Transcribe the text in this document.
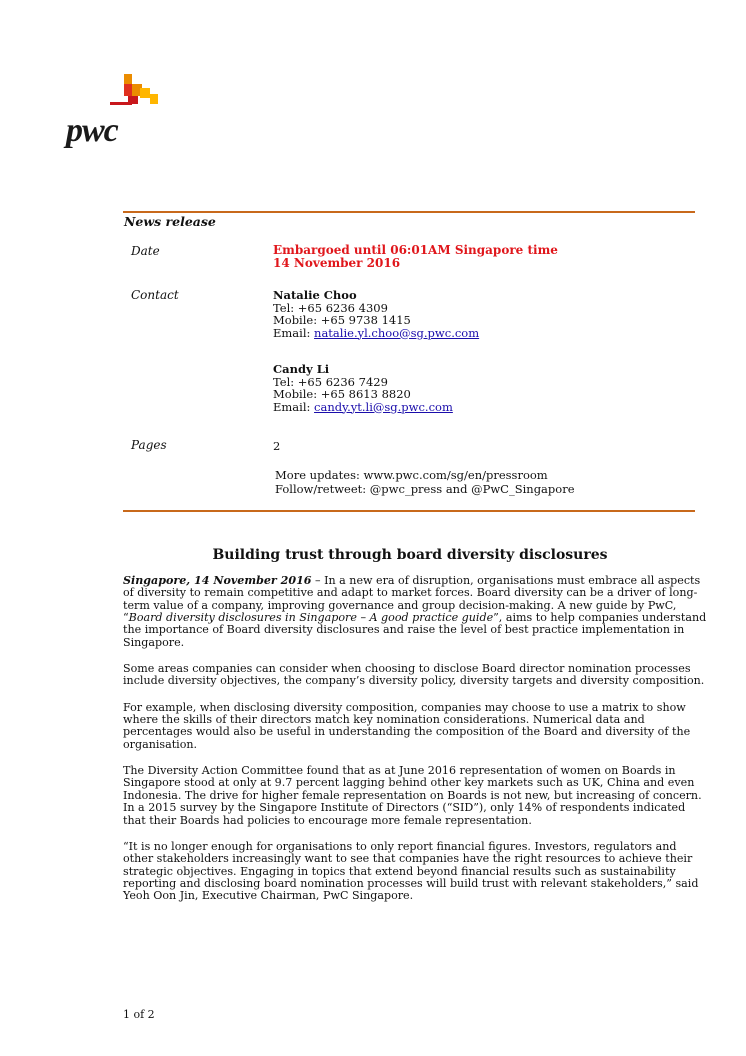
pwc
News release
Date	Embargoed until 06:01AM Singapore time
14 November 2016
Contact	Natalie Choo
Tel: +65 6236 4309
Mobile: +65 9738 1415
Email: natalie.yl.choo@sg.pwc.com
Candy Li
Tel: +65 6236 7429
Mobile: +65 8613 8820
Email: candy.yt.li@sg.pwc.com
Pages	2
More updates: www.pwc.com/sg/en/pressroom
Follow/retweet: @pwc_press and @PwC_Singapore
Building trust through board diversity disclosures

Singapore, 14 November 2016 – In a new era of disruption, organisations must embrace all aspects of diversity to remain competitive and adapt to market forces. Board diversity can be a driver of long-term value of a company, improving governance and group decision-making. A new guide by PwC, “Board diversity disclosures in Singapore – A good practice guide”, aims to help companies understand the importance of Board diversity disclosures and raise the level of best practice implementation in Singapore.

Some areas companies can consider when choosing to disclose Board director nomination processes include diversity objectives, the company’s diversity policy, diversity targets and diversity composition.

For example, when disclosing diversity composition, companies may choose to use a matrix to show where the skills of their directors match key nomination considerations. Numerical data and percentages would also be useful in understanding the composition of the Board and diversity of the organisation.

The Diversity Action Committee found that as at June 2016 representation of women on Boards in Singapore stood at only at 9.7 percent lagging behind other key markets such as UK, China and even Indonesia. The drive for higher female representation on Boards is not new, but increasing of concern. In a 2015 survey by the Singapore Institute of Directors (“SID”), only 14% of respondents indicated that their Boards had policies to encourage more female representation.

“It is no longer enough for organisations to only report financial figures. Investors, regulators and other stakeholders increasingly want to see that companies have the right resources to achieve their strategic objectives. Engaging in topics that extend beyond financial results such as sustainability reporting and disclosing board nomination processes will build trust with relevant stakeholders,” said Yeoh Oon Jin, Executive Chairman, PwC Singapore.

1 of 2
